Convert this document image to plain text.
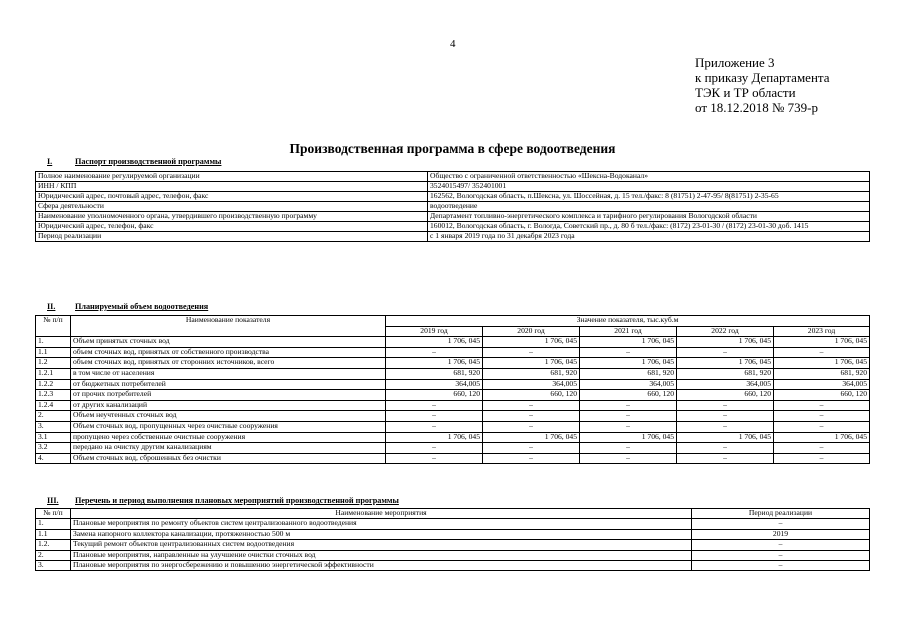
4
Приложение 3
к приказу Департамента
ТЭК и ТР области
от 18.12.2018 № 739-р
Производственная программа в сфере водоотведения
I.	Паспорт производственной программы
Полное наименование регулируемой организации	Общество с ограниченной ответственностью «Шексна-Водоканал»
ИНН / КПП	3524015497/ 352401001
Юридический адрес, почтовый адрес, телефон, факс	162562, Вологодская область, п.Шексна, ул. Шоссейная, д. 15 тел./факс: 8 (81751) 2-47-95/ 8(81751) 2-35-65
Сфера деятельности	водоотведение
Наименование уполномоченного органа, утвердившего производственную программу	Департамент топливно-энергетического комплекса и тарифного регулирования Вологодской области
Юридический адрес, телефон, факс	160012, Вологодская область, г. Вологда, Советский пр., д. 80 б тел./факс: (8172) 23-01-30 / (8172) 23-01-30 доб. 1415
Период реализации	с 1 января 2019 года по 31 декабря 2023 года
II. Планируемый объем водоотведения
№ п/п	Наименование показателя	Значение показателя, тыс.куб.м				
		2019 год	2020 год	2021 год	2022 год	2023 год
1.	Объем принятых сточных вод	1 706, 045	1 706, 045	1 706, 045	1 706, 045	1 706, 045
1.1	объем сточных вод, принятых от собственного производства	–	–	–	–	–
1.2	объем сточных вод, принятых от сторонних источников, всего	1 706, 045	1 706, 045	1 706, 045	1 706, 045	1 706, 045
1.2.1	в том числе от населения	681, 920	681, 920	681, 920	681, 920	681, 920
1.2.2	от бюджетных потребителей	364,005	364,005	364,005	364,005	364,005
1.2.3	от прочих потребителей	660, 120	660, 120	660, 120	660, 120	660, 120
1.2.4	от других канализаций	–	–	–	–	–
2.	Объем неучтенных сточных вод	–	–	–	–	–
3.	Объем сточных вод, пропущенных через очистные сооружения	–	–	–	–	–
3.1	пропущено через собственные очистные сооружения	1 706, 045	1 706, 045	1 706, 045	1 706, 045	1 706, 045
3.2	передано на очистку другим канализациям	–	–	–	–	–
4.	Объем сточных вод, сброшенных без очистки	–	–	–	–	–
III. Перечень и период выполнения плановых мероприятий производственной программы
№ п/п	Наименование мероприятия	Период реализации
1.	Плановые мероприятия по ремонту объектов систем централизованного водоотведения	–
1.1	Замена напорного коллектора канализации, протяженностью 500 м	2019
1.2.	Текущий ремонт объектов централизованных систем водоотведения	–
2.	Плановые мероприятия, направленные на улучшение очистки сточных вод	–
3.	Плановые мероприятия по энергосбережению и повышению энергетической эффективности	–
